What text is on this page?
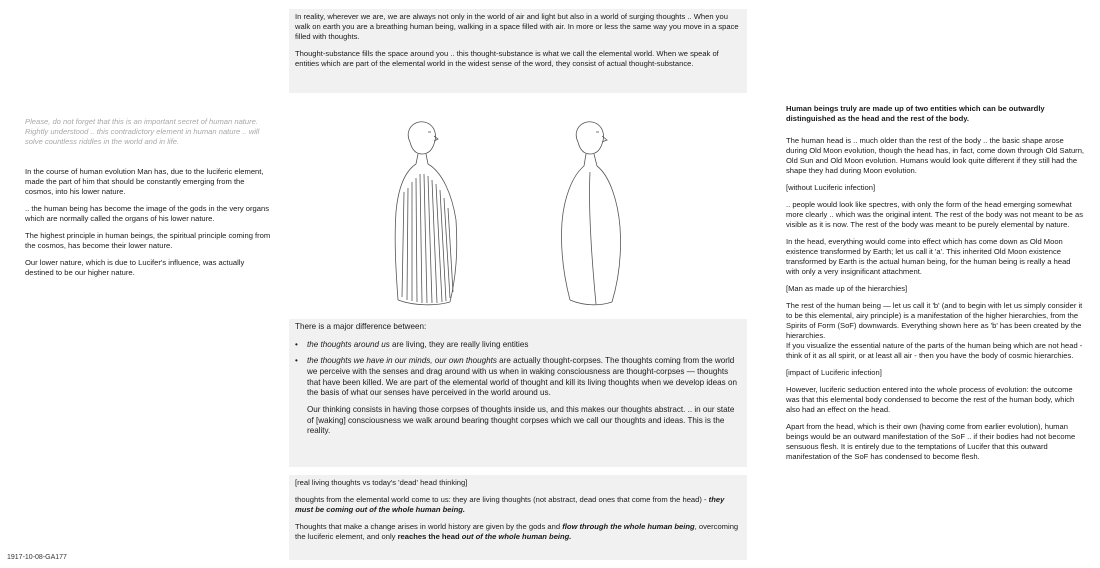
In reality, wherever we are, we are always not only in the world of air and light but also in a world of surging thoughts .. When you walk on earth you are a breathing human being, walking in a space filled with air. In more or less the same way you move in a space filled with thoughts.

Thought-substance fills the space around you .. this thought-substance is what we call the elemental world. When we speak of entities which are part of the elemental world in the widest sense of the word, they consist of actual thought-substance.

Please, do not forget that this is an important secret of human nature. Rightly understood .. this contradictory element in human nature .. will solve countless riddles in the world and in life.

In the course of human evolution Man has, due to the luciferic element, made the part of him that should be constantly emerging from the cosmos, into his lower nature.

.. the human being has become the image of the gods in the very organs which are normally called the organs of his lower nature.

The highest principle in human beings, the spiritual principle coming from the cosmos, has become their lower nature.

Our lower nature, which is due to Lucifer's influence, was actually destined to be our higher nature.

There is a major difference between:

• the thoughts around us are living, they are really living entities
• the thoughts we have in our minds, our own thoughts are actually thought-corpses. The thoughts coming from the world we perceive with the senses and drag around with us when in waking consciousness are thought-corpses — thoughts that have been killed. We are part of the elemental world of thought and kill its living thoughts when we develop ideas on the basis of what our senses have perceived in the world around us.

Our thinking consists in having those corpses of thoughts inside us, and this makes our thoughts abstract. .. in our state of [waking] consciousness we walk around bearing thought corpses which we call our thoughts and ideas. This is the reality.

[real living thoughts vs today's 'dead' head thinking]

thoughts from the elemental world come to us: they are living thoughts (not abstract, dead ones that come from the head) - they must be coming out of the whole human being.

Thoughts that make a change arises in world history are given by the gods and flow through the whole human being, overcoming the luciferic element, and only reaches the head out of the whole human being.

Human beings truly are made up of two entities which can be outwardly distinguished as the head and the rest of the body.

The human head is .. much older than the rest of the body .. the basic shape arose during Old Moon evolution, though the head has, in fact, come down through Old Saturn, Old Sun and Old Moon evolution. Humans would look quite different if they still had the shape they had during Moon evolution.

[without Luciferic infection]

.. people would look like spectres, with only the form of the head emerging somewhat more clearly .. which was the original intent. The rest of the body was not meant to be as visible as it is now. The rest of the body was meant to be purely elemental by nature.

In the head, everything would come into effect which has come down as Old Moon existence transformed by Earth; let us call it 'a'. This inherited Old Moon existence transformed by Earth is the actual human being, for the human being is really a head with only a very insignificant attachment.

[Man as made up of the hierarchies]

The rest of the human being — let us call it 'b' (and to begin with let us simply consider it to be this elemental, airy principle) is a manifestation of the higher hierarchies, from the Spirits of Form (SoF) downwards. Everything shown here as 'b' has been created by the hierarchies.

If you visualize the essential nature of the parts of the human being which are not head - think of it as all spirit, or at least all air - then you have the body of cosmic hierarchies.

[impact of Luciferic infection]

However, luciferic seduction entered into the whole process of evolution: the outcome was that this elemental body condensed to become the rest of the human body, which also had an effect on the head.

Apart from the head, which is their own (having come from earlier evolution), human beings would be an outward manifestation of the SoF .. if their bodies had not become sensuous flesh. It is entirely due to the temptations of Lucifer that this outward manifestation of the SoF has condensed to become flesh.

1917-10-08-GA177
